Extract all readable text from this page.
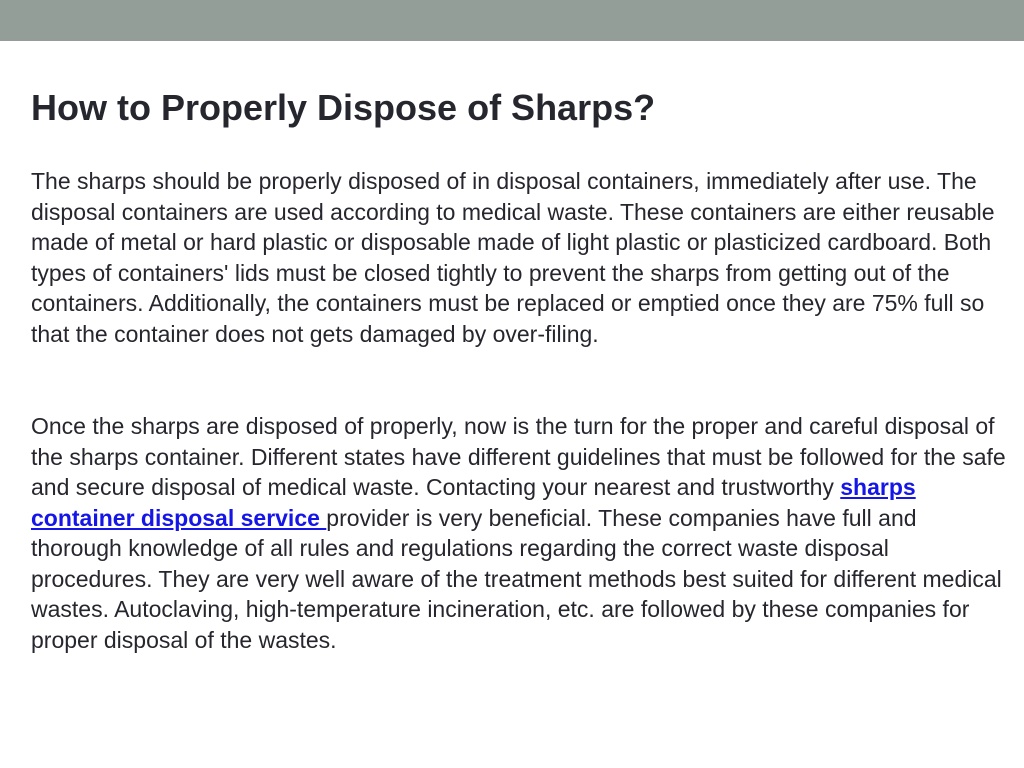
How to Properly Dispose of Sharps?

The sharps should be properly disposed of in disposal containers, immediately after use. The disposal containers are used according to medical waste. These containers are either reusable made of metal or hard plastic or disposable made of light plastic or plasticized cardboard. Both types of containers' lids must be closed tightly to prevent the sharps from getting out of the containers. Additionally, the containers must be replaced or emptied once they are 75% full so that the container does not gets damaged by over-filing.

Once the sharps are disposed of properly, now is the turn for the proper and careful disposal of the sharps container. Different states have different guidelines that must be followed for the safe and secure disposal of medical waste. Contacting your nearest and trustworthy sharps container disposal service provider is very beneficial. These companies have full and thorough knowledge of all rules and regulations regarding the correct waste disposal procedures. They are very well aware of the treatment methods best suited for different medical wastes. Autoclaving, high-temperature incineration, etc. are followed by these companies for proper disposal of the wastes.
